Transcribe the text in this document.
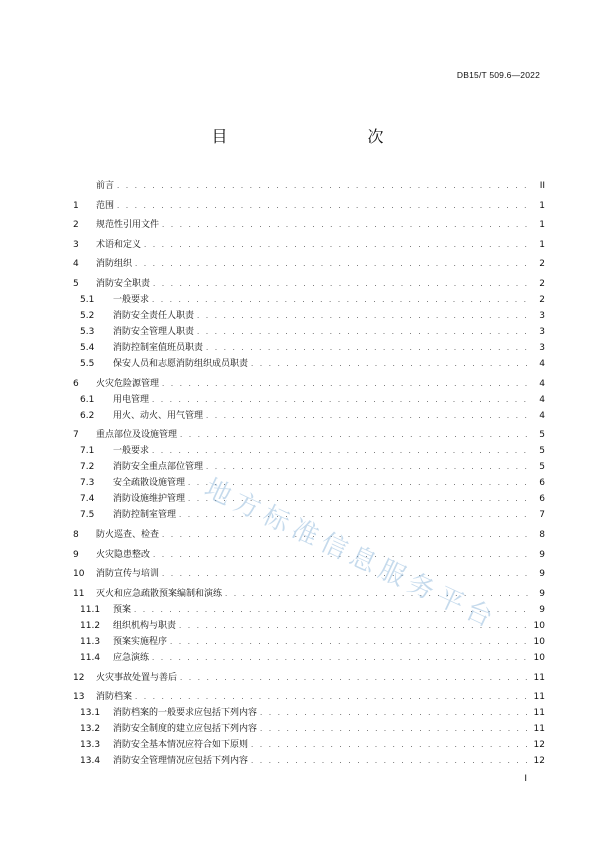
DB15/T 509.6—2022
目　　次
前言 . . .	II
1	范围 . . .	1
2	规范性引用文件 . . .	1
3	术语和定义 . . .	1
4	消防组织 . . .	2
5	消防安全职责 . . .	2
5.1	一般要求 . . .	2
5.2	消防安全责任人职责 . . .	3
5.3	消防安全管理人职责 . . .	3
5.4	消防控制室值班员职责 . . .	3
5.5	保安人员和志愿消防组织成员职责 . . .	4
6	火灾危险源管理 . . .	4
6.1	用电管理 . . .	4
6.2	用火、动火、用气管理 . . .	4
7	重点部位及设施管理 . . .	5
7.1	一般要求 . . .	5
7.2	消防安全重点部位管理 . . .	5
7.3	安全疏散设施管理 . . .	6
7.4	消防设施维护管理 . . .	6
7.5	消防控制室管理 . . .	7
8	防火巡查、检查 . . .	8
9	火灾隐患整改 . . .	9
10	消防宣传与培训 . . .	9
11	灭火和应急疏散预案编制和演练 . . .	9
11.1	预案 . . .	9
11.2	组织机构与职责 . . .	10
11.3	预案实施程序 . . .	10
11.4	应急演练 . . .	10
12	火灾事故处置与善后 . . .	11
13	消防档案 . . .	11
13.1	消防档案的一般要求应包括下列内容 . . .	11
13.2	消防安全制度的建立应包括下列内容 . . .	11
13.3	消防安全基本情况应符合如下原则 . . .	12
13.4	消防安全管理情况应包括下列内容 . . .	12
I
地方标准信息服务平台
